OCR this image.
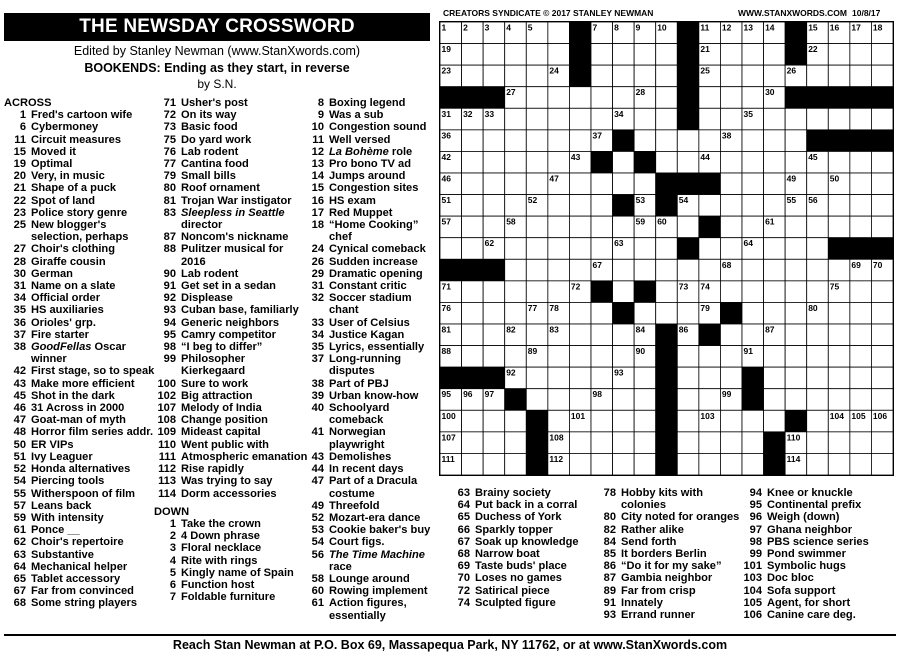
THE NEWSDAY CROSSWORD
Edited by Stanley Newman (www.StanXwords.com)
BOOKENDS: Ending as they start, in reverse
by S.N.
CREATORS SYNDICATE © 2017 STANLEY NEWMAN	WWW.STANXWORDS.COM 10/8/17
ACROSS
1 Fred's cartoon wife
6 Cybermoney
11 Circuit measures
15 Moved it
19 Optimal
20 Very, in music
21 Shape of a puck
22 Spot of land
23 Police story genre
25 New blogger's selection, perhaps
27 Choir's clothing
28 Giraffe cousin
30 German
31 Name on a slate
34 Official order
35 HS auxiliaries
36 Orioles' grp.
37 Fire starter
38 GoodFellas Oscar winner
42 First stage, so to speak
43 Make more efficient
45 Shot in the dark
46 31 Across in 2000
47 Goat-man of myth
48 Horror film series addr.
50 ER VIPs
51 Ivy Leaguer
52 Honda alternatives
54 Piercing tools
55 Witherspoon of film
57 Leans back
59 With intensity
61 Ponce __
62 Choir's repertoire
63 Substantive
64 Mechanical helper
65 Tablet accessory
67 Far from convinced
68 Some string players
71 Usher's post
72 On its way
73 Basic food
75 Do yard work
76 Lab rodent
77 Cantina food
79 Small bills
80 Roof ornament
81 Trojan War instigator
83 Sleepless in Seattle director
87 Noncom's nickname
88 Pulitzer musical for 2016
90 Lab rodent
91 Get set in a sedan
92 Displease
93 Cuban base, familiarly
94 Generic neighbors
95 Camry competitor
98 “I beg to differ”
99 Philosopher Kierkegaard
100 Sure to work
102 Big attraction
107 Melody of India
108 Change position
109 Mideast capital
110 Went public with
111 Atmospheric emanation
112 Rise rapidly
113 Was trying to say
114 Dorm accessories
DOWN
1 Take the crown
2 4 Down phrase
3 Floral necklace
4 Rite with rings
5 Kingly name of Spain
6 Function host
7 Foldable furniture
8 Boxing legend
9 Was a sub
10 Congestion sound
11 Well versed
12 La Bohème role
13 Pro bono TV ad
14 Jumps around
15 Congestion sites
16 HS exam
17 Red Muppet
18 “Home Cooking” chef
24 Cynical comeback
26 Sudden increase
29 Dramatic opening
31 Constant critic
32 Soccer stadium chant
33 User of Celsius
34 Justice Kagan
35 Lyrics, essentially
37 Long-running disputes
38 Part of PBJ
39 Urban know-how
40 Schoolyard comeback
41 Norwegian playwright
43 Demolishes
44 In recent days
47 Part of a Dracula costume
49 Threefold
52 Mozart-era dance
53 Cookie baker's buy
54 Court figs.
56 The Time Machine race
58 Lounge around
60 Rowing implement
61 Action figures, essentially
63 Brainy society
64 Put back in a corral
65 Duchess of York
66 Sparkly topper
67 Soak up knowledge
68 Narrow boat
69 Taste buds' place
70 Loses no games
72 Satirical piece
74 Sculpted figure
78 Hobby kits with colonies
80 City noted for oranges
82 Rather alike
84 Send forth
85 It borders Berlin
86 “Do it for my sake”
87 Gambia neighbor
89 Far from crisp
91 Innately
93 Errand runner
94 Knee or knuckle
95 Continental prefix
96 Weigh (down)
97 Ghana neighbor
98 PBS science series
99 Pond swimmer
101 Symbolic hugs
103 Doc bloc
104 Sofa support
105 Agent, for short
106 Canine care deg.
1 2 3 4 5	6 7 8 9 10	11 12 13 14	15 16 17 18
19	20	21	22
23	24	25	26
27	28	29	30
31 32 33	34	35
36	37	38	39 40 41
42	43	44	45
46	47	48	49	50
51	52	53	54	55 56
57	58	59 60	61
62	63	64
65 66	67	68	69 70
71	72	73 74	75
76	77 78	79	80
81	82	83	84 85 86	87
88	89	90	91
92	93	94
95 96 97	98	99
100	101	102	103	104 105 106
107	108	109	110
111	112	113	114
Reach Stan Newman at P.O. Box 69, Massapequa Park, NY 11762, or at www.StanXwords.com
